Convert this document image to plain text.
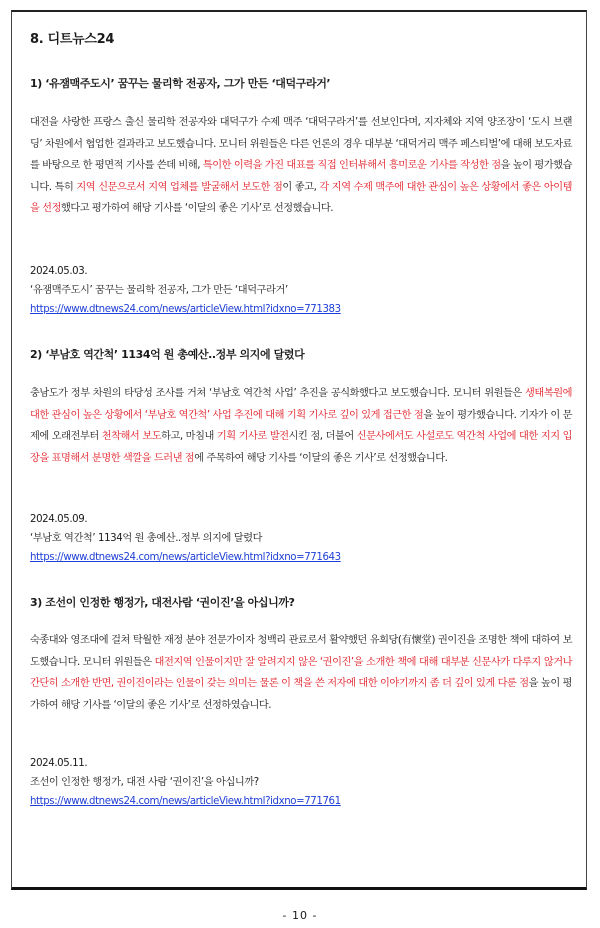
8. 디트뉴스24
1) ‘유잼맥주도시’ 꿈꾸는 물리학 전공자, 그가 만든 ‘대덕구라거’
대전을 사랑한 프랑스 출신 물리학 전공자와 대덕구가 수제 맥주 ‘대덕구라거’를 선보인다며, 지자체와 지역 양조장이 ‘도시 브랜딩’ 차원에서 협업한 결과라고 보도했습니다. 모니터 위원들은 다른 언론의 경우 대부분 ‘대덕거리 맥주 페스티벌’에 대해 보도자료를 바탕으로 한 평면적 기사를 쓴데 비해, 특이한 이력을 가진 대표를 직접 인터뷰해서 흥미로운 기사를 작성한 점을 높이 평가했습니다. 특히 지역 신문으로서 지역 업체를 발굴해서 보도한 점이 좋고, 각 지역 수제 맥주에 대한 관심이 높은 상황에서 좋은 아이템을 선정했다고 평가하여 해당 기사를 ‘이달의 좋은 기사’로 선정했습니다.
2024.05.03.
‘유잼맥주도시’ 꿈꾸는 물리학 전공자, 그가 만든 ‘대덕구라거’
https://www.dtnews24.com/news/articleView.html?idxno=771383
2) ‘부남호 역간척’ 1134억 원 총예산..정부 의지에 달렸다
충남도가 정부 차원의 타당성 조사를 거쳐 ‘부남호 역간척 사업’ 추진을 공식화했다고 보도했습니다. 모니터 위원들은 생태복원에 대한 관심이 높은 상황에서 ‘부남호 역간척’ 사업 추진에 대해 기획 기사로 깊이 있게 접근한 점을 높이 평가했습니다. 기자가 이 문제에 오래전부터 천착해서 보도하고, 마침내 기획 기사로 발전시킨 점, 더불어 신문사에서도 사설로도 역간척 사업에 대한 지지 입장을 표명해서 분명한 색깔을 드러낸 점에 주목하여 해당 기사를 ‘이달의 좋은 기사’로 선정했습니다.
2024.05.09.
‘부남호 역간척’ 1134억 원 총예산..정부 의지에 달렸다
https://www.dtnews24.com/news/articleView.html?idxno=771643
3) 조선이 인정한 행정가, 대전사람 ‘권이진’을 아십니까?
숙종대와 영조대에 걸쳐 탁월한 재정 분야 전문가이자 청백리 관료로서 활약했던 유회당(有懷堂) 권이진을 조명한 책에 대하여 보도했습니다. 모니터 위원들은 대전지역 인물이지만 잘 알려지지 않은 ‘권이진’을 소개한 책에 대해 대부분 신문사가 다루지 않거나 간단히 소개한 반면, 권이진이라는 인물이 갖는 의미는 물론 이 책을 쓴 저자에 대한 이야기까지 좀 더 깊이 있게 다룬 점을 높이 평가하여 해당 기사를 ‘이달의 좋은 기사’로 선정하였습니다.
2024.05.11.
조선이 인정한 행정가, 대전 사람 ‘권이진’을 아십니까?
https://www.dtnews24.com/news/articleView.html?idxno=771761
- 10 -
